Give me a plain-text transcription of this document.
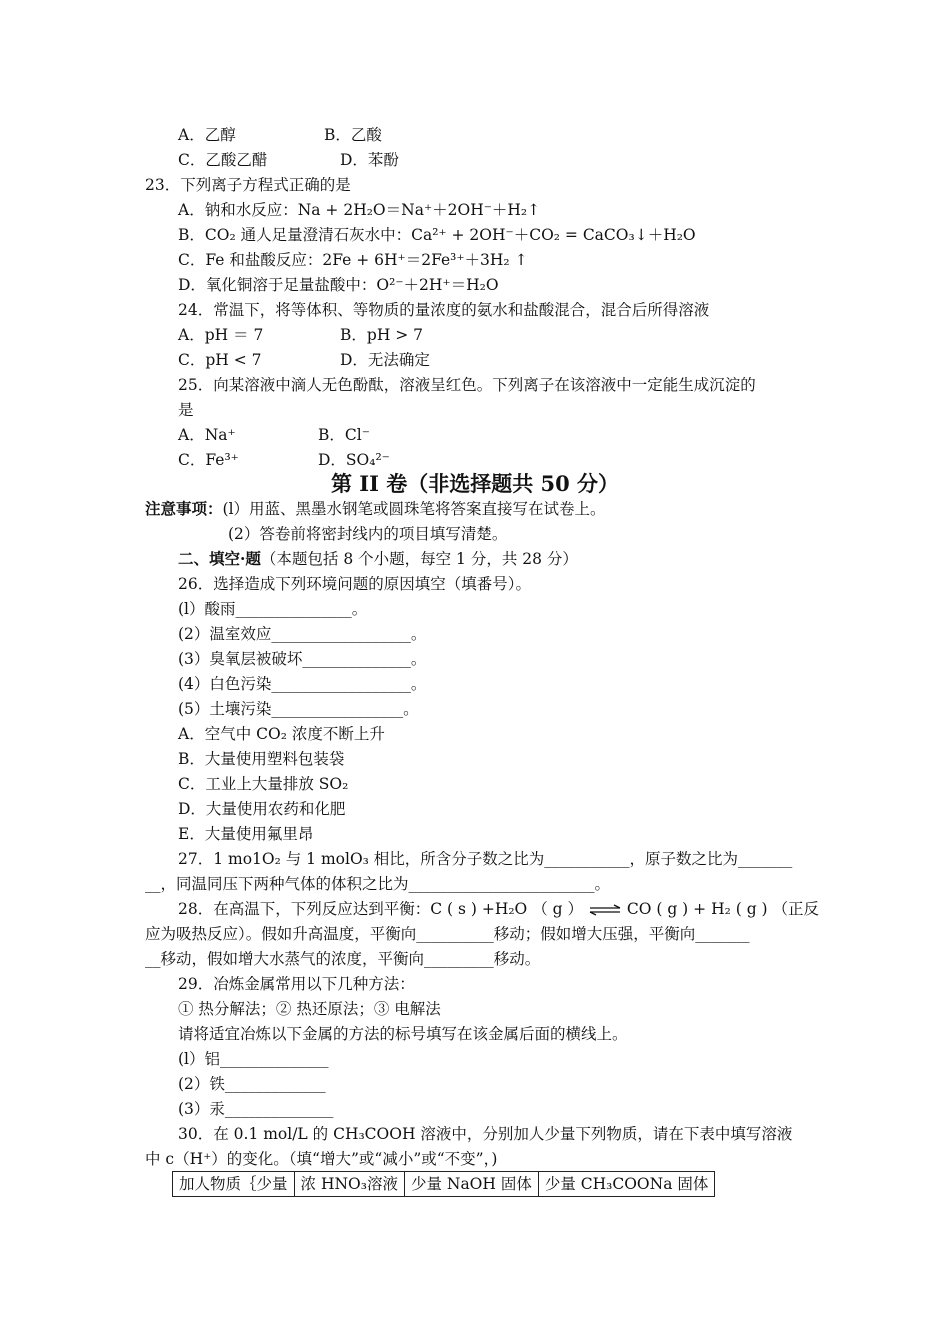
A．乙醇	B．乙酸
C．乙酸乙醋	D．苯酚
23．下列离子方程式正确的是
A．钠和水反应：Na + 2H₂O＝Na⁺＋2OH⁻＋H₂↑
B．CO₂ 通人足量澄清石灰水中：Ca²⁺ + 2OH⁻＋CO₂ = CaCO₃↓＋H₂O
C．Fe 和盐酸反应：2Fe + 6H⁺＝2Fe³⁺＋3H₂ ↑
D．氧化铜溶于足量盐酸中：O²⁻＋2H⁺＝H₂O
24．常温下，将等体积、等物质的量浓度的氨水和盐酸混合，混合后所得溶液
A．pH ＝ 7	B．pH > 7
C．pH < 7	D．无法确定
25．向某溶液中滴人无色酚酞，溶液呈红色。下列离子在该溶液中一定能生成沉淀的
是
A．Na⁺	B．Cl⁻
C．Fe³⁺	D．SO₄²⁻
第 II 卷（非选择题共 50 分）
注意事项：(l）用蓝、黑墨水钢笔或圆珠笔将答案直接写在试卷上。
(2）答卷前将密封线内的项目填写清楚。
二、填空·题（本题包括 8 个小题，每空 1 分，共 28 分）
26．选择造成下列环境问题的原因填空（填番号）。
(l）酸雨_______________。
(2）温室效应__________________。
(3）臭氧层被破坏______________。
(4）白色污染__________________。
(5）土壤污染_________________。
A．空气中 CO₂ 浓度不断上升
B．大量使用塑料包装袋
C．工业上大量排放 SO₂
D．大量使用农药和化肥
E．大量使用氟里昂
27．1 mo1O₂ 与 1 molO₃ 相比，所含分子数之比为___________，原子数之比为_______
__，同温同压下两种气体的体积之比为________________________。
28．在高温下，下列反应达到平衡：C ( s ) +H₂O （ g ） ⇌ CO ( g ) + H₂ ( g ) （正反
应为吸热反应）。假如升高温度，平衡向__________移动；假如增大压强，平衡向_______
__移动，假如增大水蒸气的浓度，平衡向_________移动。
29．冶炼金属常用以下几种方法：
① 热分解法；② 热还原法；③ 电解法
请将适宜冶炼以下金属的方法的标号填写在该金属后面的横线上。
(l）铝______________
(2）铁_____________
(3）汞______________
30．在 0.1 mol/L 的 CH₃COOH 溶液中，分别加人少量下列物质，请在下表中填写溶液
中 c（H⁺）的变化。（填“增大”或“减小”或“不变”，)
加人物质｛少量	浓 HNO₃溶液	少量 NaOH 固体	少量 CH₃COONa 固体
